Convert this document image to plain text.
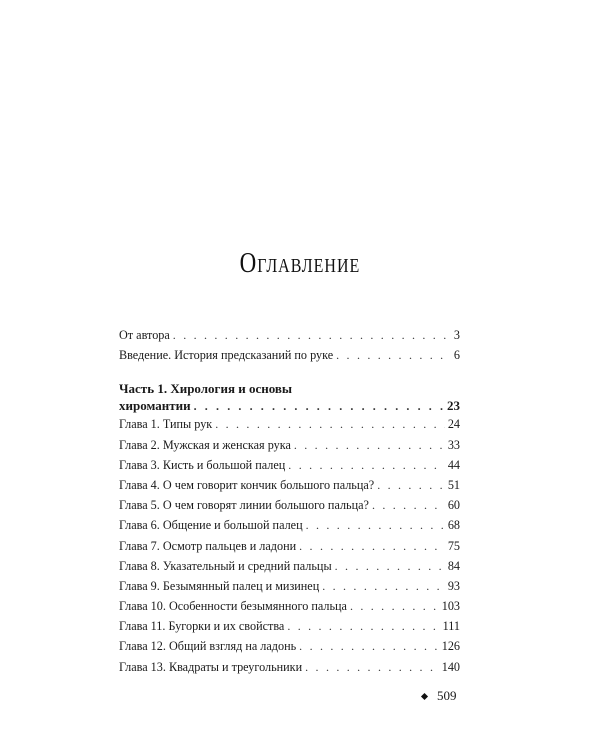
Оглавление
От автора . . .	3
Введение. История предсказаний по руке . . .	6
Часть 1. Хирология и основы
хиромантии . . .	23
Глава 1. Типы рук . . .	24
Глава 2. Мужская и женская рука . . .	33
Глава 3. Кисть и большой палец . . .	44
Глава 4. О чем говорит кончик большого пальца? . . .	51
Глава 5. О чем говорят линии большого пальца? . . .	60
Глава 6. Общение и большой палец . . .	68
Глава 7. Осмотр пальцев и ладони . . .	75
Глава 8. Указательный и средний пальцы . . .	84
Глава 9. Безымянный палец и мизинец . . .	93
Глава 10. Особенности безымянного пальца . . .	103
Глава 11. Бугорки и их свойства . . .	111
Глава 12. Общий взгляд на ладонь . . .	126
Глава 13. Квадраты и треугольники . . .	140
509
